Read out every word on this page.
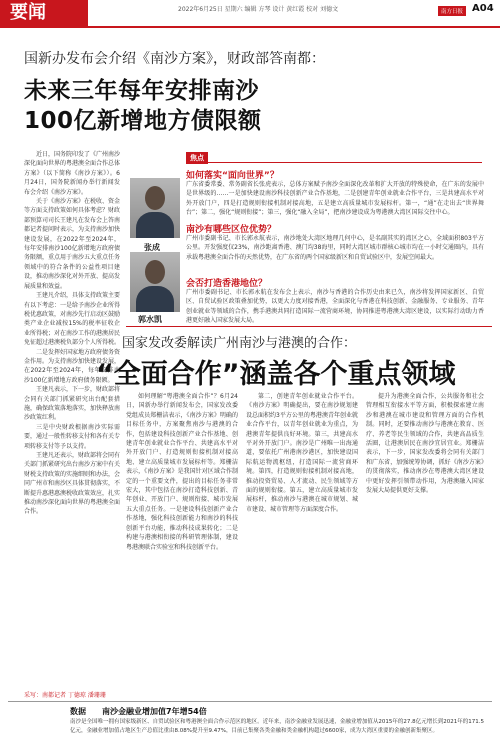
要闻	2022年6月25日 星期六 编辑 方琴 设计 黄红霞 校对 刘德文	南方日报 A04
国新办发布会介绍《南沙方案》，财政部答南都：
未来三年每年安排南沙
100亿新增地方债限额

近日，国务院印发了《广州南沙深化面向世界的粤港澳全面合作总体方案》（以下简称《南沙方案》）。6月24日，国务院新闻办举行新闻发布会介绍《南沙方案》。

关于《南沙方案》在税收、资金等方面支持政策如何具体考虑？财政部预算司司长王建凡在发布会上答南都记者提问时表示，为支持南沙加快建设发展，在2022年至2024年，每年安排南沙100亿新增地方政府债务限额，重点用于南沙五大重点任务领域中的符合条件的公益性项目建设，推动南沙深化对外开放、提高发展质量和效益。

王建凡介绍，具体支持政策主要有以下考虑：一是给予南沙企业所得税优惠政策，对南沙先行启动区鼓励类产业企业减按15%的税率征收企业所得税；对在南沙工作的港澳居民免征超过港澳税负部分个人所得税。

二是发挥好国家地方政府债务资金作用。为支持南沙加快建设发展，在2022年至2024年，每年安排南沙100亿新增地方政府债务限额。

王建凡表示，下一步，财政部将会同有关部门抓紧研究出台配套措施，确保政策落地落实，加快释放南沙政策红利。

三是中央财政根据南沙实际需要，通过一般性转移支付和各有关专项转移支付等予以支持。

王建凡还表示，财政部将会同有关部门抓紧研究出台南沙方案中有关财税支持政策的实施细则和办法，会同广州市和南沙区具体贯彻落实，不断提升惠港惠澳税收政策效应，扎实推动南沙深化面向世界的粤港澳全面合作。

张成
郭水凯
焦点
如何落实“面向世界”？

广东省委常委、常务副省长张虎表示，总体方案赋予南沙全面深化改革和扩大开放的特殊使命，在广东的发展中是世界级的……一是加快建设南沙科技创新产业合作基地，二是创建青年创业就业合作平台，三是共建高水平对外开放门户，四是打造规则衔接机制对接高地，五是建立高质量城市发展标杆。第一，“通”在走出去“世界舞台”；第二，强化“规则衔接”；第三，强化“融入全局”，把南沙建设成为粤港澳大湾区国际交往中心。

南沙有哪些区位优势？

广州市委副书记、市长郭永航表示，南沙地处大湾区地理几何中心，是名副其实的湾区之心，全域面积803平方公里。开发强度仅23%，南沙距离香港、澳门均38海里，同时大湾区城市群核心城市均在一小时交通圈内，具有承载粤港澳全面合作的天然优势，在广东省的两个国家级新区和自贸试验区中，发展空间最大。

会否打造香港地位？

广州市委副书记、市长郭永航在发布会上表示，南沙与香港的合作历史由来已久，南沙将发挥国家新区、自贸区、自贸试验区政策叠加优势，以更大力度对接香港，全面深化与香港在科技创新、金融服务、专业服务、青年创业就业等领域的合作，携手港澳共同打造国际一流营商环境，协同推进粤港澳大湾区建设，以实际行动助力香港更好融入国家发展大局。

国家发改委解读广州南沙与港澳的合作：
“全面合作”涵盖各个重点领域

如何理解“粤港澳全面合作”？6月24日，国新办举行新闻发布会，国家发改委党组成员郑栅洁表示，《南沙方案》明确的目标任务中，方案聚焦南沙与港澳的合作，包括建设科技创新产业合作基地、创建青年创业就业合作平台、共建高水平对外开放门户、打造规则衔接机制对接高地、建立高质量城市发展标杆等。郑栅洁表示，《南沙方案》是我国针对区域合作制定的一个重要文件，提出的目标任务非常宏大，其中包括在南沙打造科技创新、青年创业、开放门户、规则衔接、城市发展五大重点任务。一是建设科技创新产业合作基地，强化科技创新能力和南沙的科技创新平台功能，推动科技成果转化；二是构建与港澳相衔接的科研管理体制，建设粤港澳联合实验室和科技创新平台。

第二，创建青年创业就业合作平台。《南沙方案》明确提出，要在南沙规划建设总面积约3平方公里的粤港澳青年创业就业合作平台，以青年创业就业为重点，为港澳青年提供良好环境。第三，共建高水平对外开放门户。南沙是广州唯一出海通道，要依托广州港南沙港区，加快建设国际航运物流枢纽，打造国际一流营商环境。第四，打造规则衔接机制对接高地，推动投资贸易、人才流动、民生领域等方面的规则衔接。第五，建立高质量城市发展标杆，推动南沙与港澳在城市规划、城市建设、城市管理等方面深度合作。

提升为港澳全面合作，公共服务和社会管理相互衔接水平等方面，积极探索建立南沙和港澳在城市建设和管理方面的合作机制。同时，还要推动南沙与港澳在教育、医疗、养老等民生领域的合作，共建高品质生活圈，让港澳居民在南沙宜居宜业。郑栅洁表示，下一步，国家发改委将会同有关部门和广东省，加强统筹协调，抓好《南沙方案》的贯彻落实，推动南沙在粤港澳大湾区建设中更好发挥引领带动作用，为港澳融入国家发展大局提供更好支撑。

采写：南都记者 丁德琼 潘珊珊
数据 南沙金融业增加值7年增54倍
南沙是全国唯一拥有国家级新区、自贸试验区和粤港澳全面合作示范区的地区。近年来，南沙金融业发展迅速，金融业增加值从2015年的27.8亿元增长到2021年的171.5亿元，金融业增加值占地区生产总值比重由8.08%提升至9.47%，目前已集聚各类金融和类金融机构超过6600家，成为大湾区重要的金融创新集聚区。
